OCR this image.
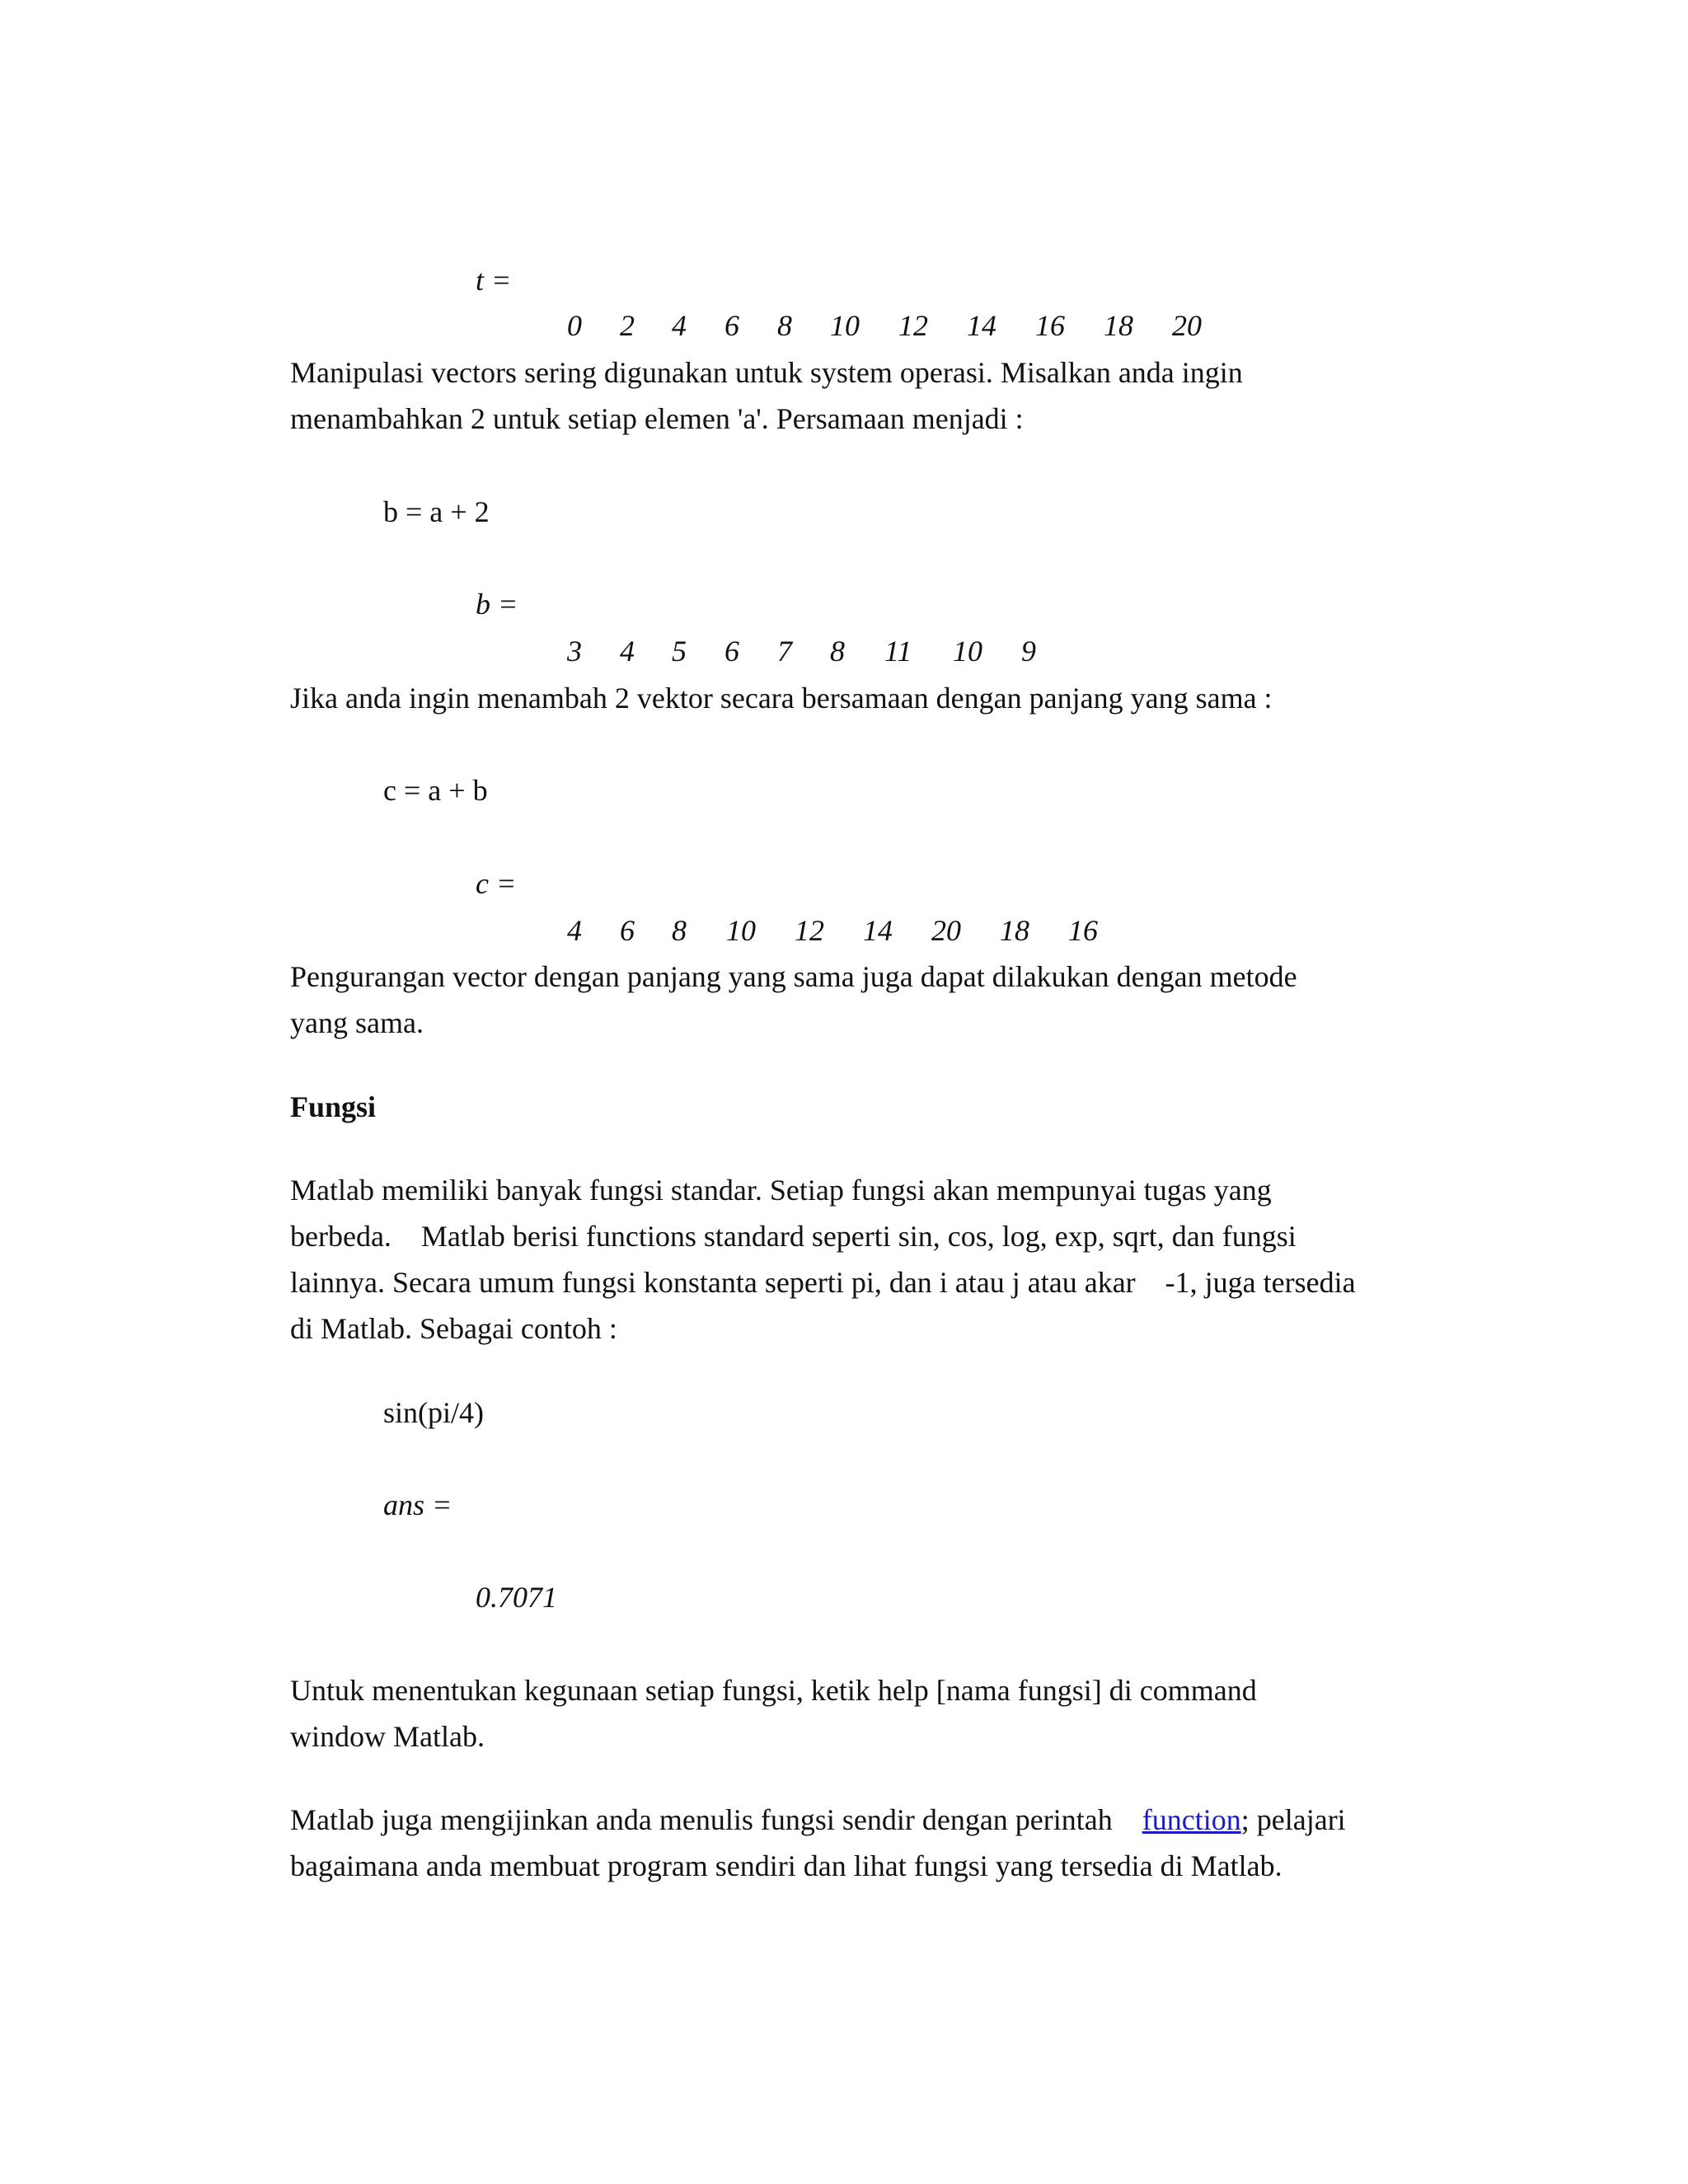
t =
0 2 4 6 8 10 12 14 16 18 20
Manipulasi vectors sering digunakan untuk system operasi. Misalkan anda ingin
menambahkan 2 untuk setiap elemen 'a'. Persamaan menjadi :
b = a + 2
b =
3 4 5 6 7 8 11 10 9
Jika anda ingin menambah 2 vektor secara bersamaan dengan panjang yang sama :
c = a + b
c =
4 6 8 10 12 14 20 18 16
Pengurangan vector dengan panjang yang sama juga dapat dilakukan dengan metode
yang sama.
Fungsi
Matlab memiliki banyak fungsi standar. Setiap fungsi akan mempunyai tugas yang
berbeda.    Matlab berisi functions standard seperti sin, cos, log, exp, sqrt, dan fungsi
lainnya. Secara umum fungsi konstanta seperti pi, dan i atau j atau akar    -1, juga tersedia
di Matlab. Sebagai contoh :
sin(pi/4)
ans =
0.7071
Untuk menentukan kegunaan setiap fungsi, ketik help [nama fungsi] di command
window Matlab.
Matlab juga mengijinkan anda menulis fungsi sendir dengan perintah    function; pelajari
bagaimana anda membuat program sendiri dan lihat fungsi yang tersedia di Matlab.
